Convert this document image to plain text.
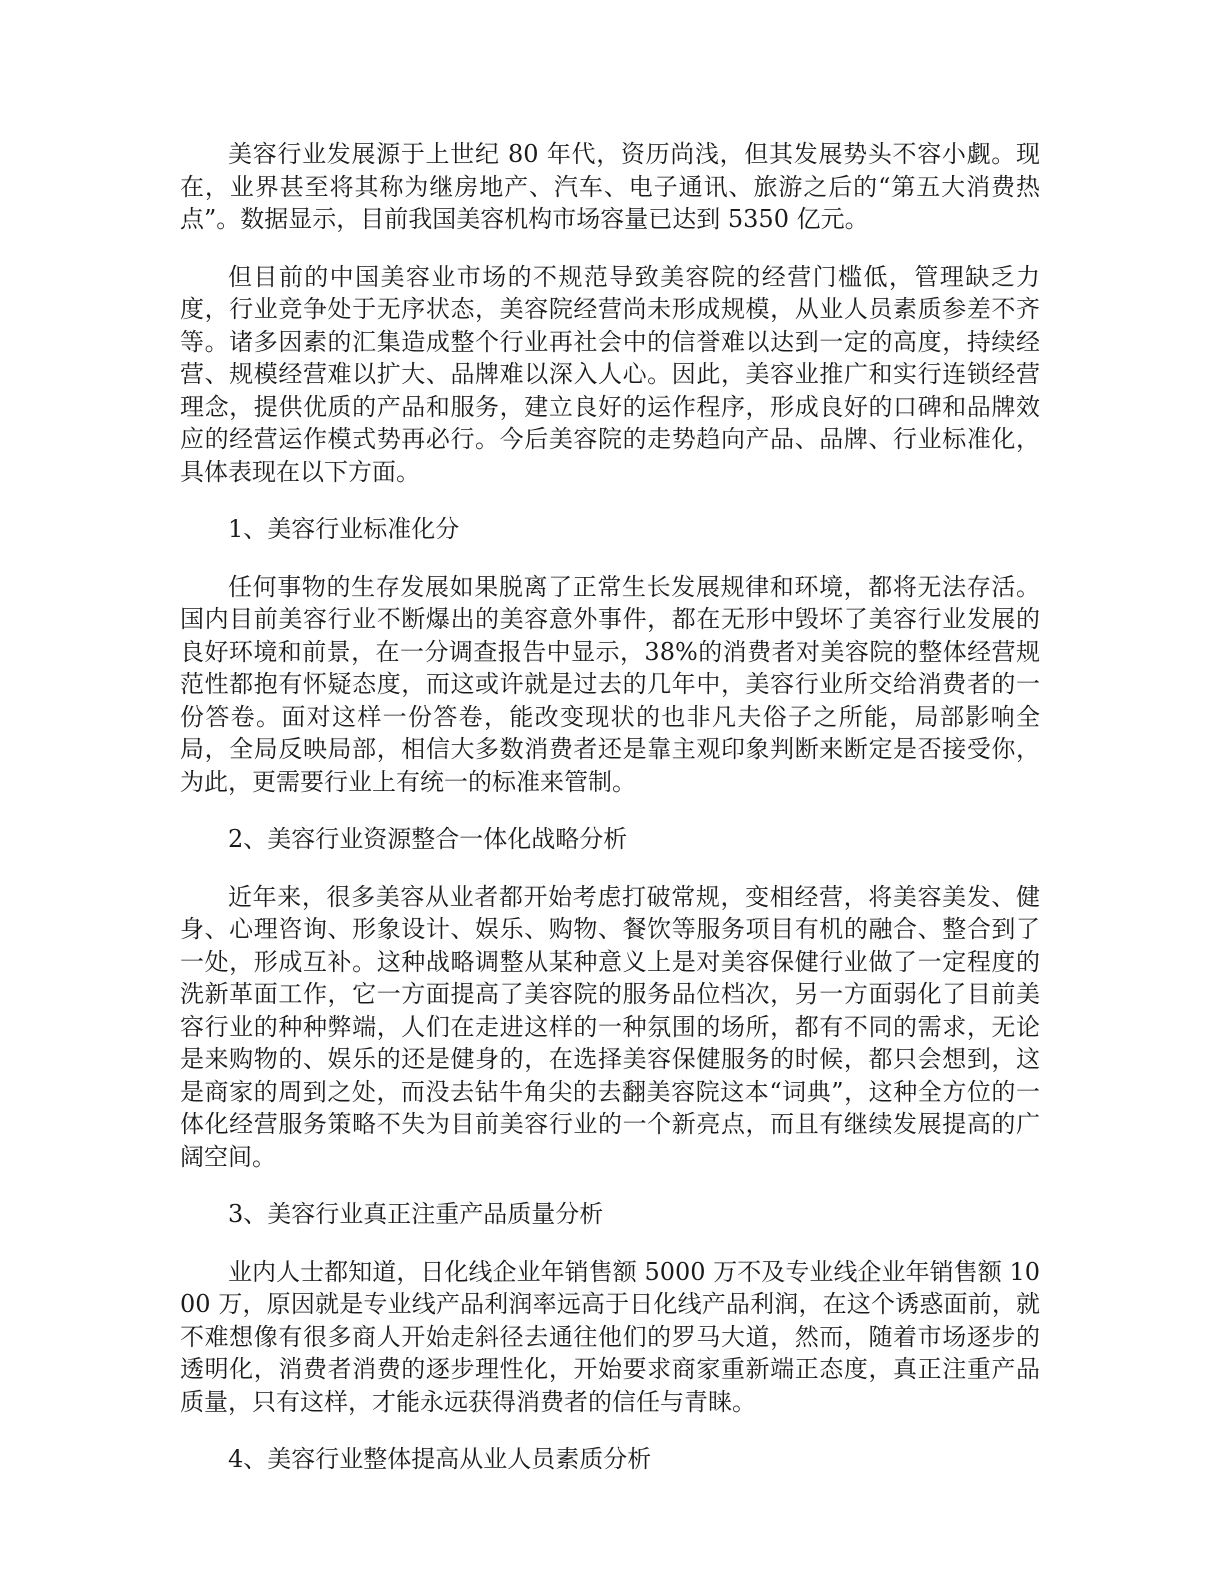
美容行业发展源于上世纪 80 年代，资历尚浅，但其发展势头不容小觑。现在，业界甚至将其称为继房地产、汽车、电子通讯、旅游之后的“第五大消费热点”。数据显示，目前我国美容机构市场容量已达到 5350 亿元。

但目前的中国美容业市场的不规范导致美容院的经营门槛低，管理缺乏力度，行业竞争处于无序状态，美容院经营尚未形成规模，从业人员素质参差不齐等。诸多因素的汇集造成整个行业再社会中的信誉难以达到一定的高度，持续经营、规模经营难以扩大、品牌难以深入人心。因此，美容业推广和实行连锁经营理念，提供优质的产品和服务，建立良好的运作程序，形成良好的口碑和品牌效应的经营运作模式势再必行。今后美容院的走势趋向产品、品牌、行业标准化，具体表现在以下方面。

1、美容行业标准化分

任何事物的生存发展如果脱离了正常生长发展规律和环境，都将无法存活。国内目前美容行业不断爆出的美容意外事件，都在无形中毁坏了美容行业发展的良好环境和前景，在一分调查报告中显示，38%的消费者对美容院的整体经营规范性都抱有怀疑态度，而这或许就是过去的几年中，美容行业所交给消费者的一份答卷。面对这样一份答卷，能改变现状的也非凡夫俗子之所能，局部影响全局，全局反映局部，相信大多数消费者还是靠主观印象判断来断定是否接受你，为此，更需要行业上有统一的标准来管制。

2、美容行业资源整合一体化战略分析

近年来，很多美容从业者都开始考虑打破常规，变相经营，将美容美发、健身、心理咨询、形象设计、娱乐、购物、餐饮等服务项目有机的融合、整合到了一处，形成互补。这种战略调整从某种意义上是对美容保健行业做了一定程度的洗新革面工作，它一方面提高了美容院的服务品位档次，另一方面弱化了目前美容行业的种种弊端，人们在走进这样的一种氛围的场所，都有不同的需求，无论是来购物的、娱乐的还是健身的，在选择美容保健服务的时候，都只会想到，这是商家的周到之处，而没去钻牛角尖的去翻美容院这本“词典”，这种全方位的一体化经营服务策略不失为目前美容行业的一个新亮点，而且有继续发展提高的广阔空间。

3、美容行业真正注重产品质量分析

业内人士都知道，日化线企业年销售额 5000 万不及专业线企业年销售额 1000 万，原因就是专业线产品利润率远高于日化线产品利润，在这个诱惑面前，就不难想像有很多商人开始走斜径去通往他们的罗马大道，然而，随着市场逐步的透明化，消费者消费的逐步理性化，开始要求商家重新端正态度，真正注重产品质量，只有这样，才能永远获得消费者的信任与青睐。

4、美容行业整体提高从业人员素质分析
